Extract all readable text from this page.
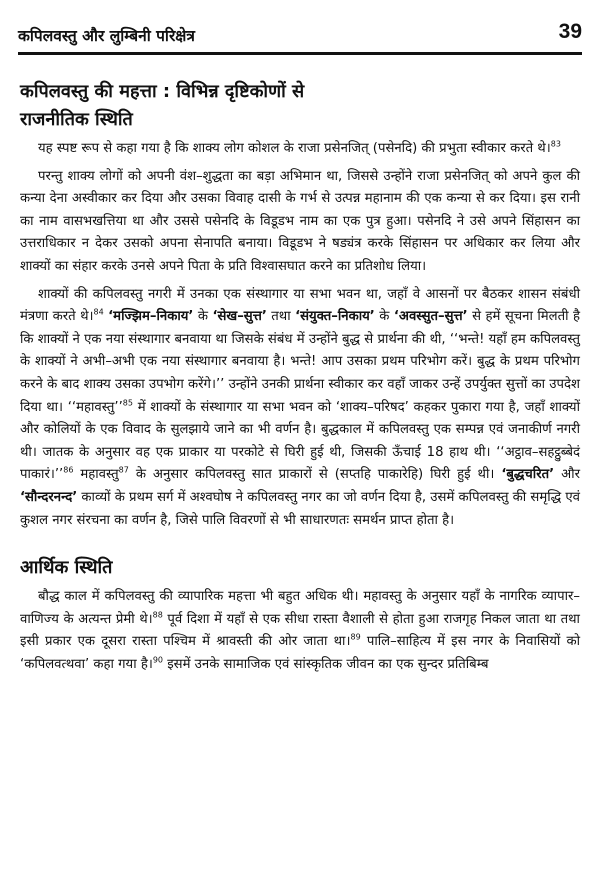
कपिलवस्तु और लुम्बिनी परिक्षेत्र	39
कपिलवस्तु की महत्ता : विभिन्न दृष्टिकोणों से
राजनीतिक स्थिति

यह स्पष्ट रूप से कहा गया है कि शाक्य लोग कोशल के राजा प्रसेनजित् (पसेनदि) की प्रभुता स्वीकार करते थे।$^{83}$

परन्तु शाक्य लोगों को अपनी वंश–शुद्धता का बड़ा अभिमान था, जिससे उन्होंने राजा प्रसेनजित् को अपने कुल की कन्या देना अस्वीकार कर दिया और उसका विवाह दासी के गर्भ से उत्पन्न महानाम की एक कन्या से कर दिया। इस रानी का नाम वासभखत्तिया था और उससे पसेनदि के विडूडभ नाम का एक पुत्र हुआ। पसेनदि ने उसे अपने सिंहासन का उत्तराधिकार न देकर उसको अपना सेनापति बनाया। विडूडभ ने षड्यंत्र करके सिंहासन पर अधिकार कर लिया और शाक्यों का संहार करके उनसे अपने पिता के प्रति विश्वासघात करने का प्रतिशोध लिया।

शाक्यों की कपिलवस्तु नगरी में उनका एक संस्थागार या सभा भवन था, जहाँ वे आसनों पर बैठकर शासन संबंधी मंत्रणा करते थे।$^{84}$ ‘मज्झिम–निकाय’ के ‘सेख–सुत्त’ तथा ‘संयुक्त–निकाय’ के ‘अवस्सुत–सुत्त’ से हमें सूचना मिलती है कि शाक्यों ने एक नया संस्थागार बनवाया था जिसके संबंध में उन्होंने बुद्ध से प्रार्थना की थी, ‘‘भन्ते! यहाँ हम कपिलवस्तु के शाक्यों ने अभी–अभी एक नया संस्थागार बनवाया है। भन्ते! आप उसका प्रथम परिभोग करें। बुद्ध के प्रथम परिभोग करने के बाद शाक्य उसका उपभोग करेंगे।’’ उन्होंने उनकी प्रार्थना स्वीकार कर वहाँ जाकर उन्हें उपर्युक्त सुत्तों का उपदेश दिया था। ‘‘महावस्तु’’$^{85}$ में शाक्यों के संस्थागार या सभा भवन को ‘शाक्य–परिषद’ कहकर पुकारा गया है, जहाँ शाक्यों और कोलियों के एक विवाद के सुलझाये जाने का भी वर्णन है। बुद्धकाल में कपिलवस्तु एक सम्पन्न एवं जनाकीर्ण नगरी थी। जातक के अनुसार वह एक प्राकार या परकोटे से घिरी हुई थी, जिसकी ऊँचाई 18 हाथ थी। ‘‘अट्ठाव–सहट्ठुब्बेदं पाकारं।’’$^{86}$ महावस्तु$^{87}$ के अनुसार कपिलवस्तु सात प्राकारों से (सप्तहि पाकारेहि) घिरी हुई थी। ‘बुद्धचरित’ और ‘सौन्दरनन्द’ काव्यों के प्रथम सर्ग में अश्वघोष ने कपिलवस्तु नगर का जो वर्णन दिया है, उसमें कपिलवस्तु की समृद्धि एवं कुशल नगर संरचना का वर्णन है, जिसे पालि विवरणों से भी साधारणतः समर्थन प्राप्त होता है।

आर्थिक स्थिति

बौद्ध काल में कपिलवस्तु की व्यापारिक महत्ता भी बहुत अधिक थी। महावस्तु के अनुसार यहाँ के नागरिक व्यापार–वाणिज्य के अत्यन्त प्रेमी थे।$^{88}$ पूर्व दिशा में यहाँ से एक सीधा रास्ता वैशाली से होता हुआ राजगृह निकल जाता था तथा इसी प्रकार एक दूसरा रास्ता पश्चिम में श्रावस्ती की ओर जाता था।$^{89}$ पालि–साहित्य में इस नगर के निवासियों को ‘कपिलवत्थवा’ कहा गया है।$^{90}$ इसमें उनके सामाजिक एवं सांस्कृतिक जीवन का एक सुन्दर प्रतिबिम्ब
